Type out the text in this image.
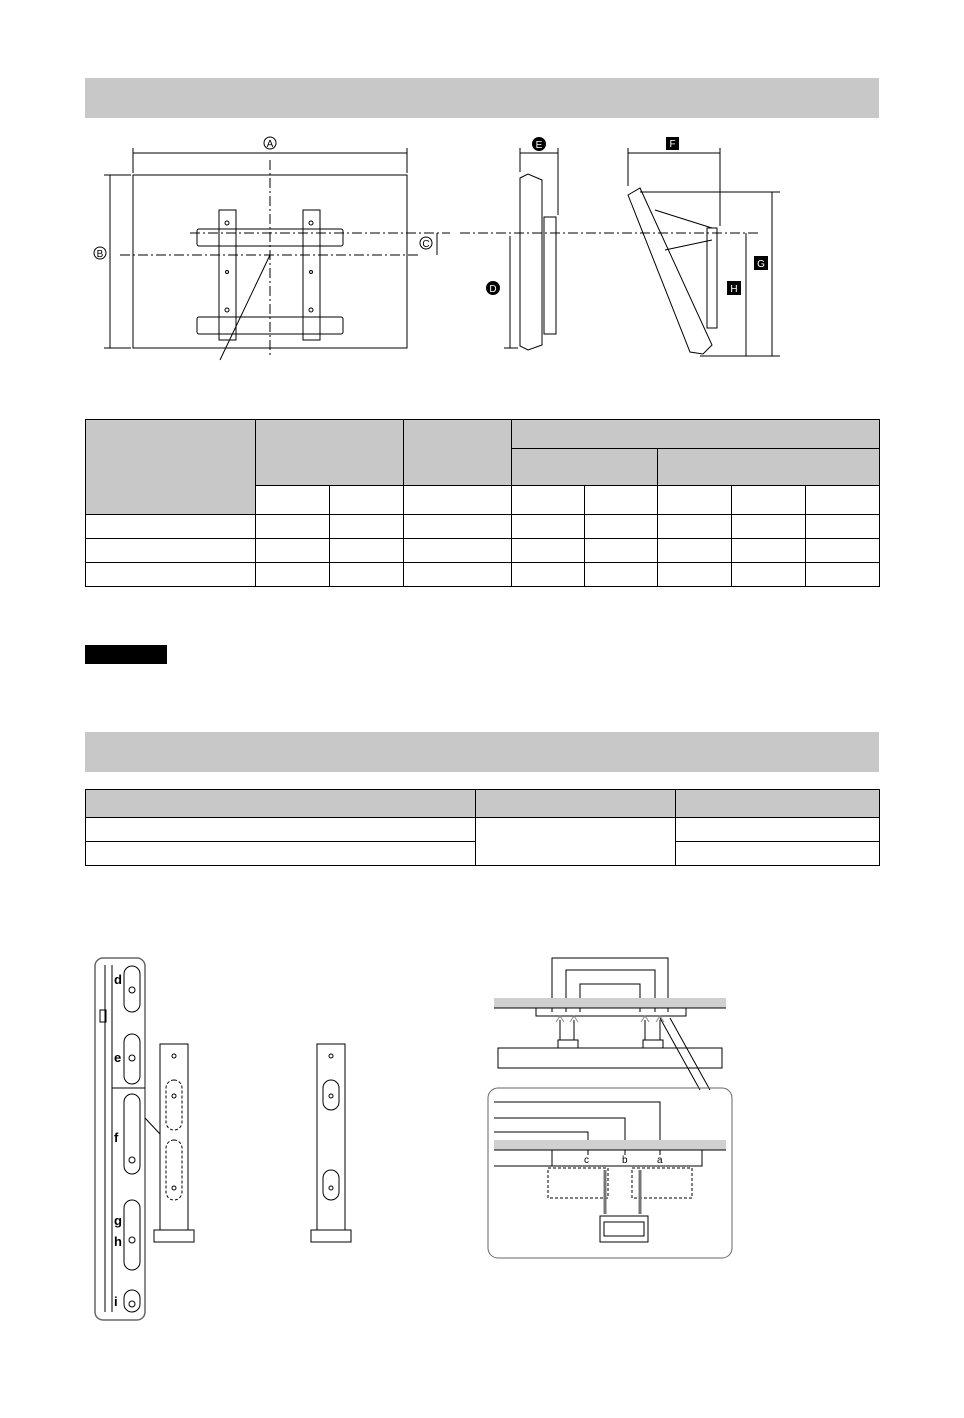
A
B
C
D
E	F
G
H

d
e
f
g
h
i
a
b
c
